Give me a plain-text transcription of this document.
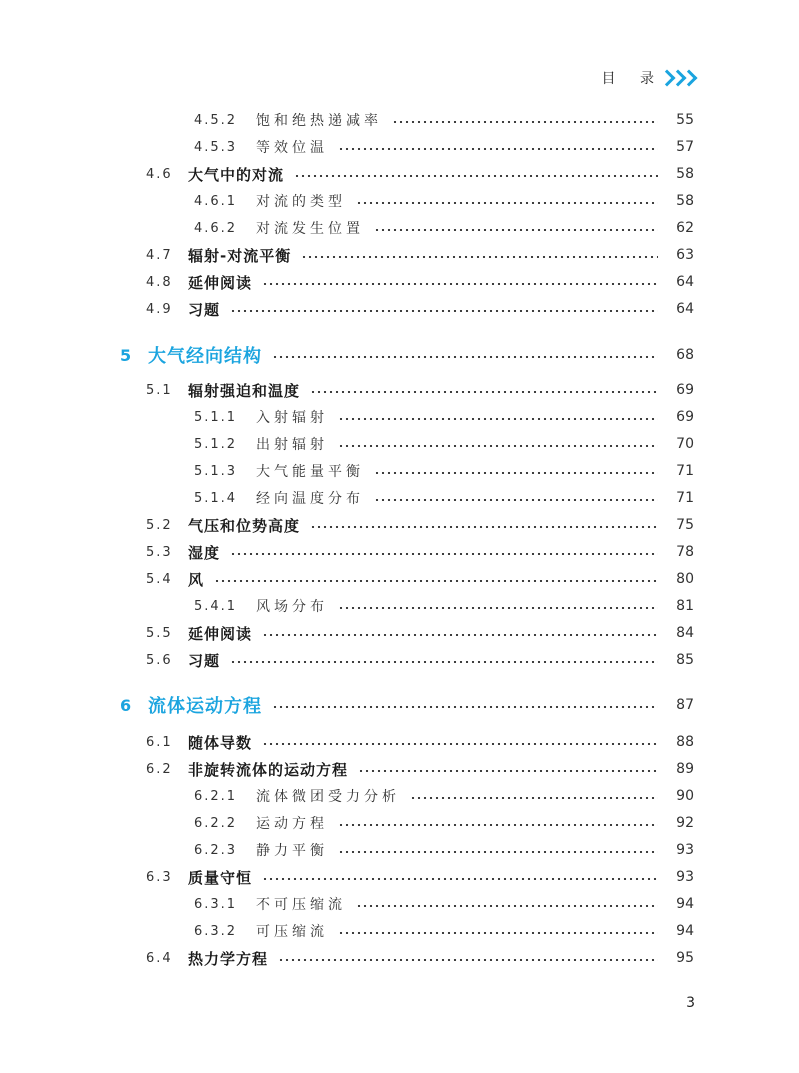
目 录
4.5.2	饱和绝热递减率	55
4.5.3	等效位温	57
4.6 大气中的对流	58
4.6.1	对流的类型	58
4.6.2	对流发生位置	62
4.7 辐射-对流平衡	63
4.8 延伸阅读	64
4.9 习题	64
5 大气经向结构	68
5.1 辐射强迫和温度	69
5.1.1	入射辐射	69
5.1.2	出射辐射	70
5.1.3	大气能量平衡	71
5.1.4	经向温度分布	71
5.2 气压和位势高度	75
5.3 湿度	78
5.4 风	80
5.4.1	风场分布	81
5.5 延伸阅读	84
5.6 习题	85
6 流体运动方程	87
6.1 随体导数	88
6.2 非旋转流体的运动方程	89
6.2.1	流体微团受力分析	90
6.2.2	运动方程	92
6.2.3	静力平衡	93
6.3 质量守恒	93
6.3.1	不可压缩流	94
6.3.2	可压缩流	94
6.4 热力学方程	95
3
